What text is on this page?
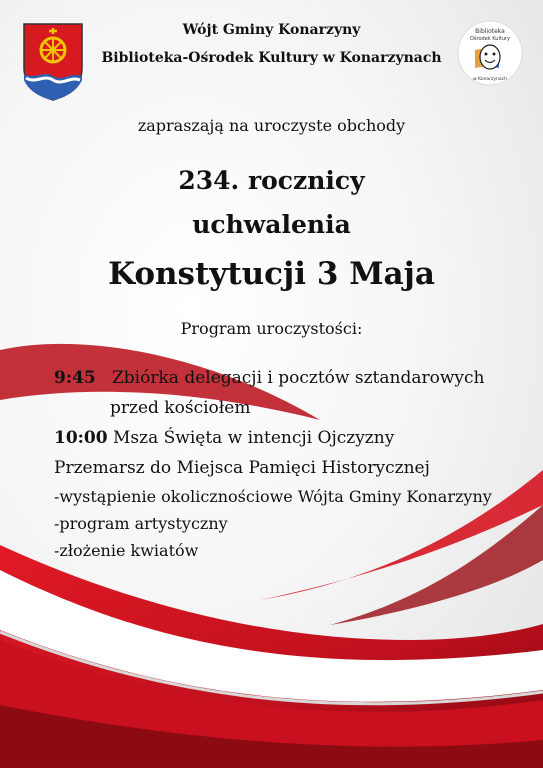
Wójt Gminy Konarzyny
Biblioteka-Ośrodek Kultury w Konarzynach
Biblioteka
Ośrodek Kultury
w Konarzynach
zapraszają na uroczyste obchody
234. rocznicy
uchwalenia
Konstytucji 3 Maja
Program uroczystości:
9:45 Zbiórka delegacji i pocztów sztandarowych
przed kościołem
10:00 Msza Święta w intencji Ojczyzny
Przemarsz do Miejsca Pamięci Historycznej
-wystąpienie okolicznościowe Wójta Gminy Konarzyny
-program artystyczny
-złożenie kwiatów
